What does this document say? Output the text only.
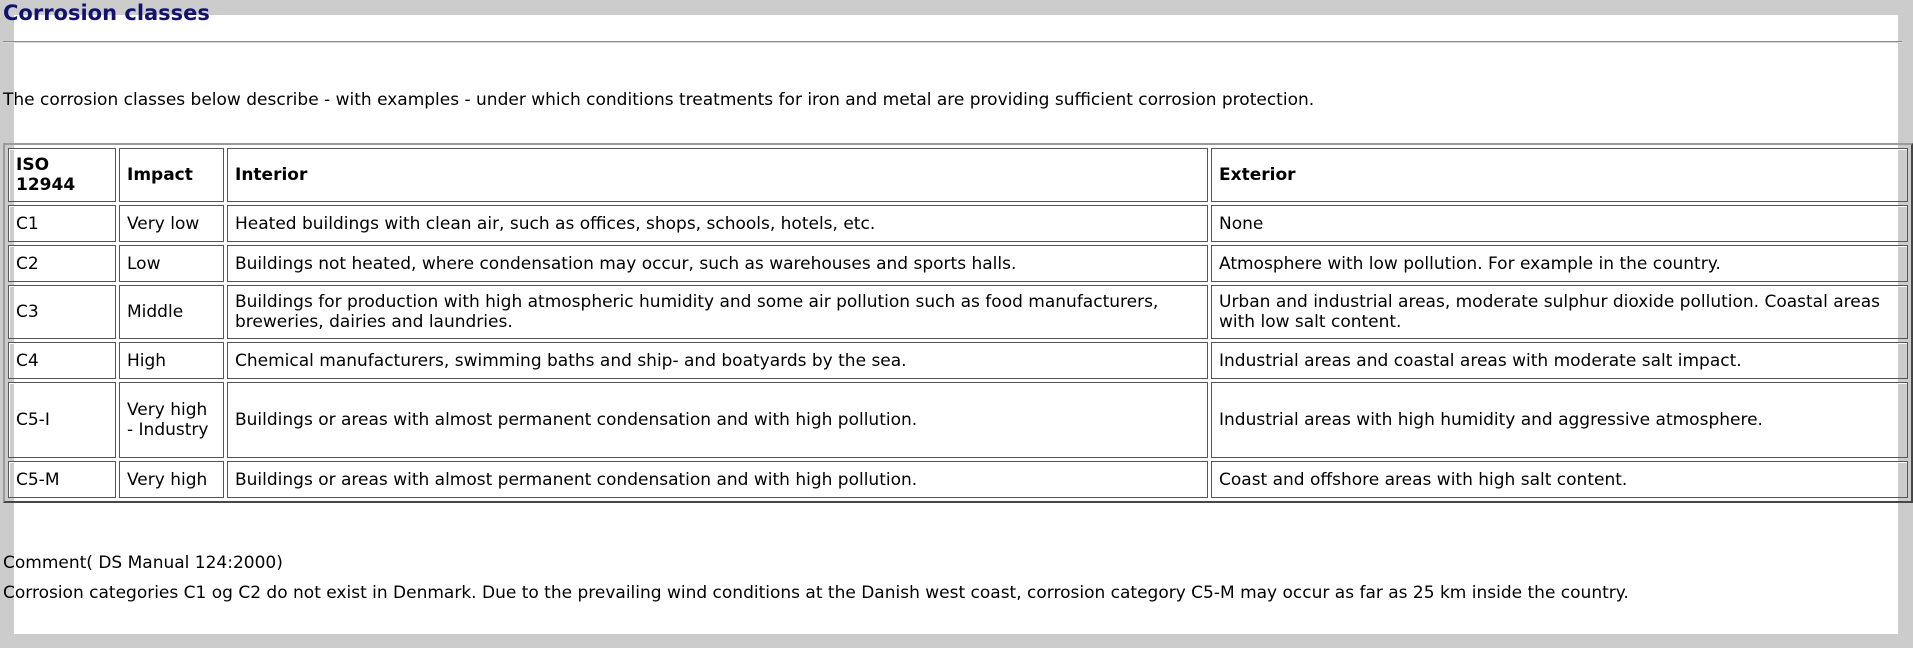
Corrosion classes

The corrosion classes below describe - with examples - under which conditions treatments for iron and metal are providing sufficient corrosion protection.

ISO 12944	Impact	Interior	Exterior
C1	Very low	Heated buildings with clean air, such as offices, shops, schools, hotels, etc.	None
C2	Low	Buildings not heated, where condensation may occur, such as warehouses and sports halls.	Atmosphere with low pollution. For example in the country.
C3	Middle	Buildings for production with high atmospheric humidity and some air pollution such as food manufacturers, breweries, dairies and laundries.	Urban and industrial areas, moderate sulphur dioxide pollution. Coastal areas with low salt content.
C4	High	Chemical manufacturers, swimming baths and ship- and boatyards by the sea.	Industrial areas and coastal areas with moderate salt impact.
C5-I	Very high - Industry	Buildings or areas with almost permanent condensation and with high pollution.	Industrial areas with high humidity and aggressive atmosphere.
C5-M	Very high	Buildings or areas with almost permanent condensation and with high pollution.	Coast and offshore areas with high salt content.

Comment( DS Manual 124:2000)

Corrosion categories C1 og C2 do not exist in Denmark. Due to the prevailing wind conditions at the Danish west coast, corrosion category C5-M may occur as far as 25 km inside the country.
